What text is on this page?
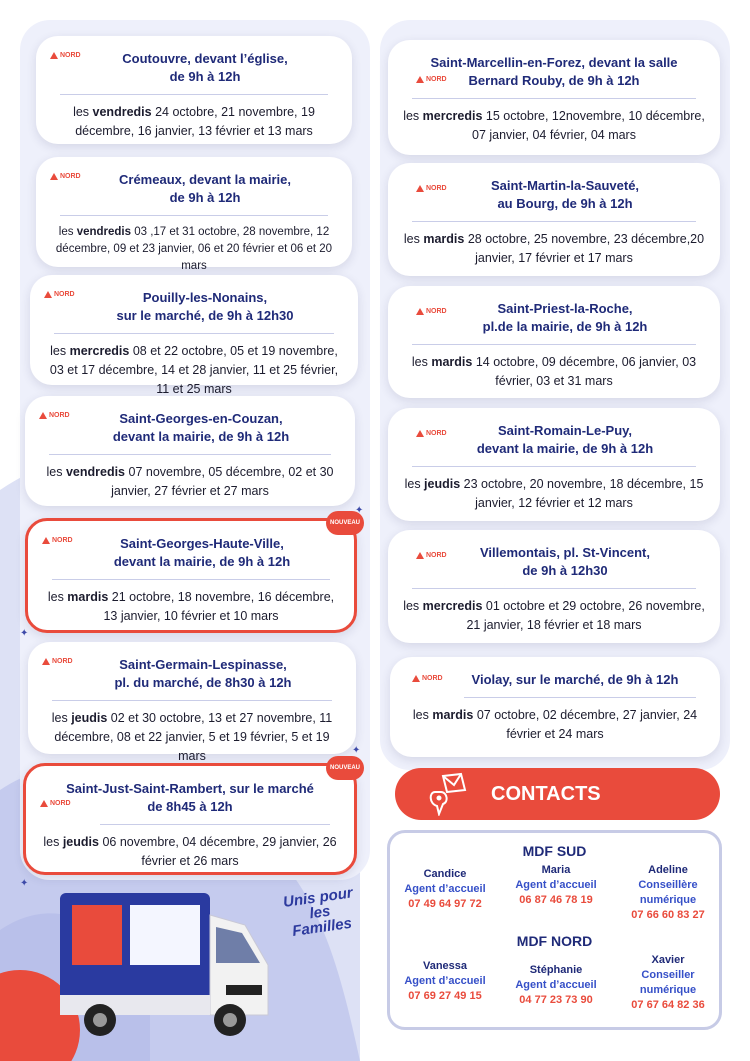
NORD	Coutouvre, devant l’église,
de 9h à 12h
les vendredis 24 octobre, 21 novembre, 19 décembre, 16 janvier, 13 février et 13 mars
NORD	Crémeaux, devant la mairie,
de 9h à 12h
les vendredis 03 ,17 et 31 octobre, 28 novembre, 12 décembre, 09 et 23 janvier, 06 et 20 février et 06 et 20 mars
NORD	Pouilly-les-Nonains,
sur le marché, de 9h à 12h30
les mercredis 08 et 22 octobre, 05 et 19 novembre, 03 et 17 décembre, 14 et 28 janvier, 11 et 25 février, 11 et 25 mars
NORD	Saint-Georges-en-Couzan,
devant la mairie, de 9h à 12h
les vendredis 07 novembre, 05 décembre, 02 et 30 janvier, 27 février et 27 mars
NOUVEAU
NORD	Saint-Georges-Haute-Ville,
devant la mairie, de 9h à 12h
les mardis 21 octobre, 18 novembre, 16 décembre, 13 janvier, 10 février et 10 mars
✦
✦
NORD	Saint-Germain-Lespinasse,
pl. du marché, de 8h30 à 12h
les jeudis 02 et 30 octobre, 13 et 27 novembre, 11 décembre, 08 et 22 janvier, 5 et 19 février, 5 et 19 mars
NOUVEAU
NORD
Saint-Just-Saint-Rambert, sur le marché
de 8h45 à 12h
les jeudis 06 novembre, 04 décembre, 29 janvier, 26 février et 26 mars
✦
✦
NORD
Saint-Marcellin-en-Forez, devant la salle
Bernard Rouby, de 9h à 12h
les mercredis 15 octobre, 12novembre, 10 décembre, 07 janvier, 04 février, 04 mars
NORD	Saint-Martin-la-Sauveté,
au Bourg, de 9h à 12h
les mardis 28 octobre, 25 novembre, 23 décembre,20 janvier, 17 février et 17 mars
NORD	Saint-Priest-la-Roche,
pl.de la mairie, de 9h à 12h
les mardis 14 octobre, 09 décembre, 06 janvier, 03 février, 03 et 31 mars
NORD	Saint-Romain-Le-Puy,
devant la mairie, de 9h à 12h
les jeudis 23 octobre, 20 novembre, 18 décembre, 15 janvier, 12 février et 12 mars
NORD	Villemontais, pl. St-Vincent,
de 9h à 12h30
les mercredis 01 octobre et 29 octobre, 26 novembre, 21 janvier, 18 février et 18 mars
NORD	Violay, sur le marché, de 9h à 12h
les mardis 07 octobre, 02 décembre, 27 janvier, 24 février et 24 mars
CONTACTS
MDF SUD
Candice
Agent d’accueil
07 49 64 97 72
Maria
Agent d’accueil
06 87 46 78 19
Adeline
Conseillère numérique
07 66 60 83 27
MDF NORD
Vanessa
Agent d’accueil
07 69 27 49 15
Stéphanie
Agent d’accueil
04 77 23 73 90
Xavier
Conseiller numérique
07 67 64 82 36
Unis pour les Familles
